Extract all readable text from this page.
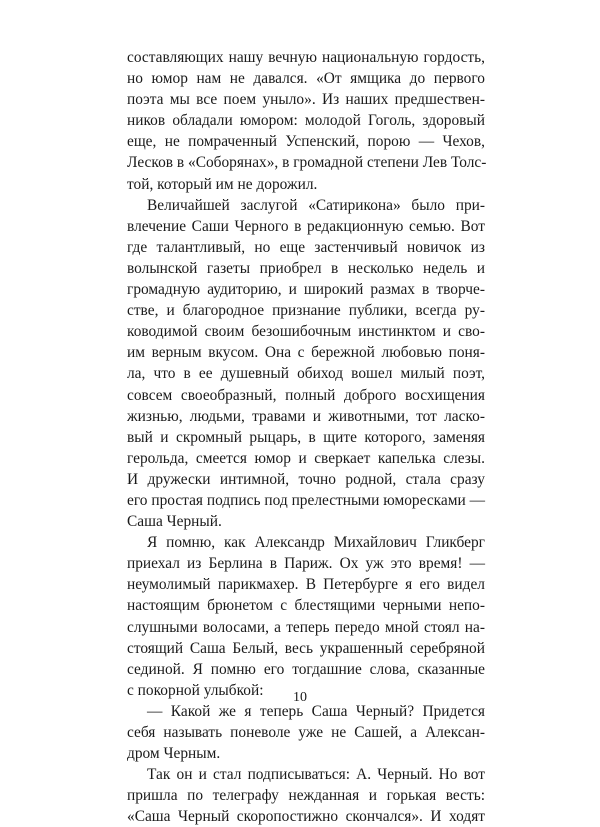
составляющих нашу вечную национальную гордость,
но юмор нам не давался. «От ямщика до первого
поэта мы все поем уныло». Из наших предшествен-
ников обладали юмором: молодой Гоголь, здоровый
еще, не помраченный Успенский, порою — Чехов,
Лесков в «Соборянах», в громадной степени Лев Толс-
той, который им не дорожил.
Величайшей заслугой «Сатирикона» было при-
влечение Саши Черного в редакционную семью. Вот
где талантливый, но еще застенчивый новичок из
волынской газеты приобрел в несколько недель и
громадную аудиторию, и широкий размах в творче-
стве, и благородное признание публики, всегда ру-
ководимой своим безошибочным инстинктом и сво-
им верным вкусом. Она с бережной любовью поня-
ла, что в ее душевный обиход вошел милый поэт,
совсем своеобразный, полный доброго восхищения
жизнью, людьми, травами и животными, тот ласко-
вый и скромный рыцарь, в щите которого, заменяя
герольда, смеется юмор и сверкает капелька слезы.
И дружески интимной, точно родной, стала сразу
его простая подпись под прелестными юморесками —
Саша Черный.
Я помню, как Александр Михайлович Гликберг
приехал из Берлина в Париж. Ох уж это время! —
неумолимый парикмахер. В Петербурге я его видел
настоящим брюнетом с блестящими черными непо-
слушными волосами, а теперь передо мной стоял на-
стоящий Саша Белый, весь украшенный серебряной
сединой. Я помню его тогдашние слова, сказанные
с покорной улыбкой:
— Какой же я теперь Саша Черный? Придется
себя называть поневоле уже не Сашей, а Алексан-
дром Черным.
Так он и стал подписываться: А. Черный. Но вот
пришла по телеграфу нежданная и горькая весть:
«Саша Черный скоропостижно скончался». И ходят
10
